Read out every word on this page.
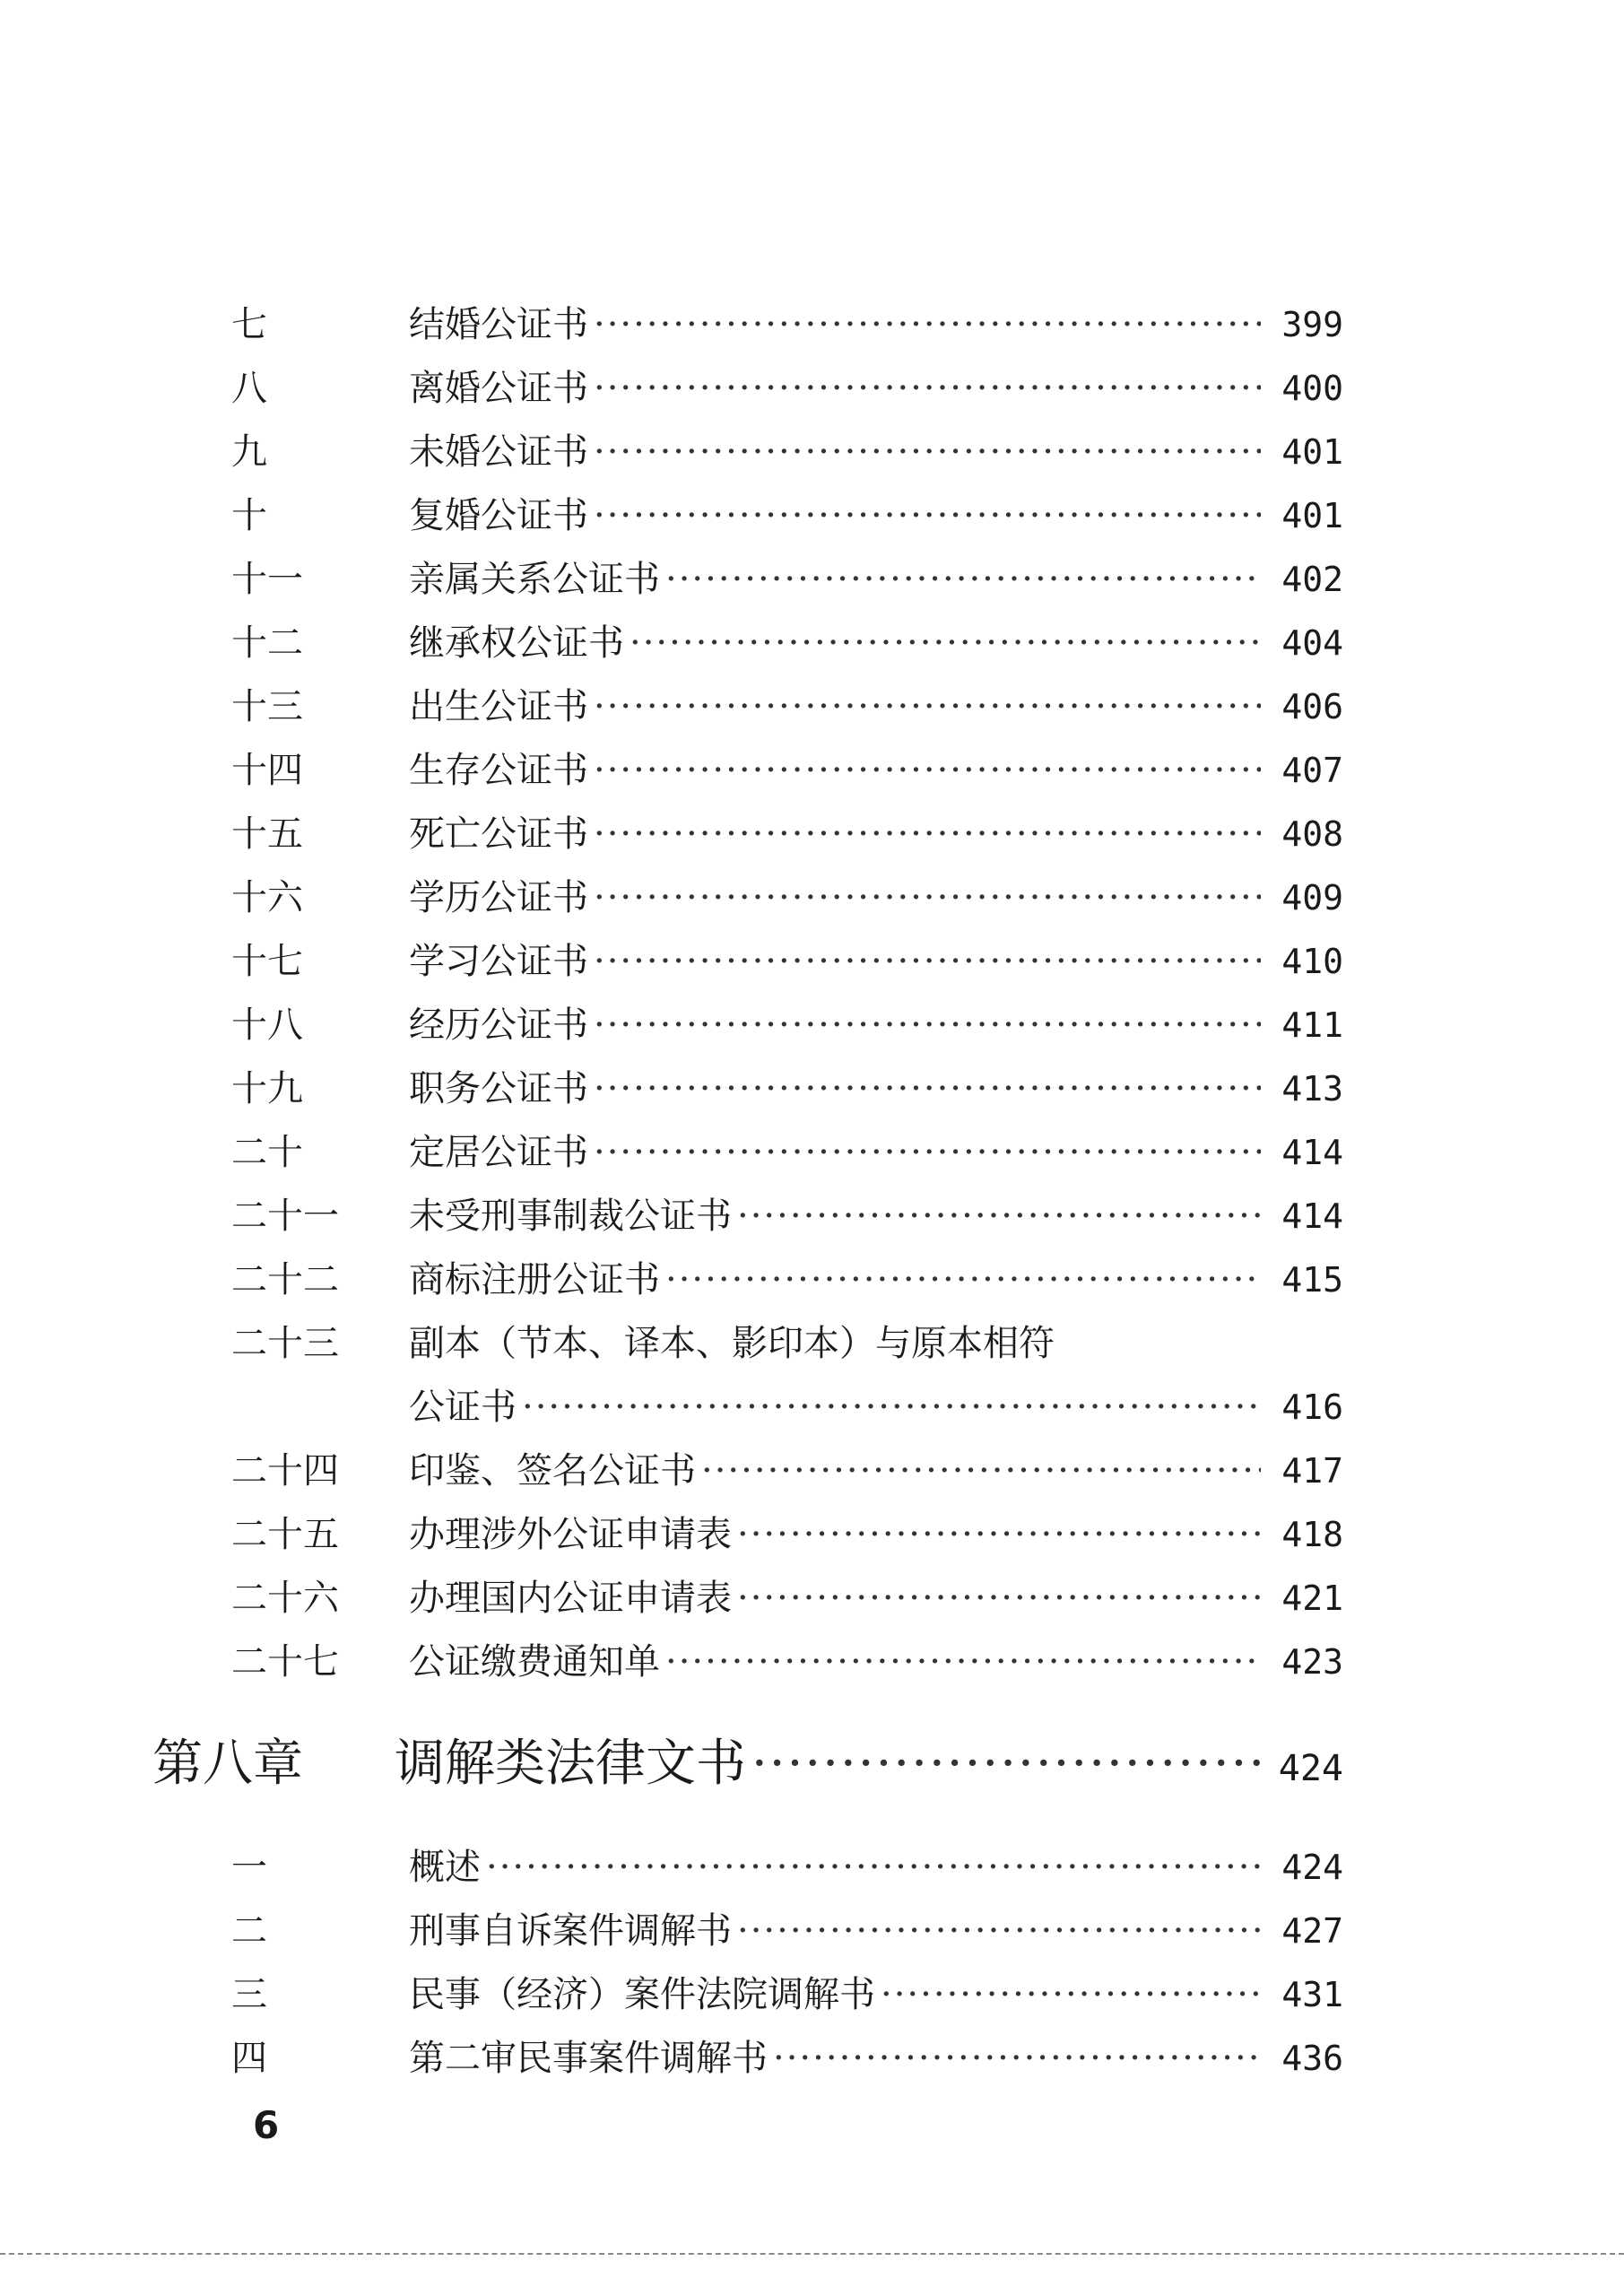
七	结婚公证书 ·····	399
八	离婚公证书 ·····	400
九	未婚公证书 ·····	401
十	复婚公证书 ·····	401
十一	亲属关系公证书 ·····	402
十二	继承权公证书 ·····	404
十三	出生公证书 ·····	406
十四	生存公证书 ·····	407
十五	死亡公证书 ·····	408
十六	学历公证书 ·····	409
十七	学习公证书 ·····	410
十八	经历公证书 ·····	411
十九	职务公证书 ·····	413
二十	定居公证书 ·····	414
二十一	未受刑事制裁公证书 ·····	414
二十二	商标注册公证书 ·····	415
二十三	副本（节本、译本、影印本）与原本相符
公证书 ·····	416
二十四	印鉴、签名公证书 ·····	417
二十五	办理涉外公证申请表 ·····	418
二十六	办理国内公证申请表 ·····	421
二十七	公证缴费通知单 ·····	423
第八章	调解类法律文书 ·····	424
一	概述 ·····	424
二	刑事自诉案件调解书 ·····	427
三	民事（经济）案件法院调解书 ·····	431
四	第二审民事案件调解书 ·····	436
6
